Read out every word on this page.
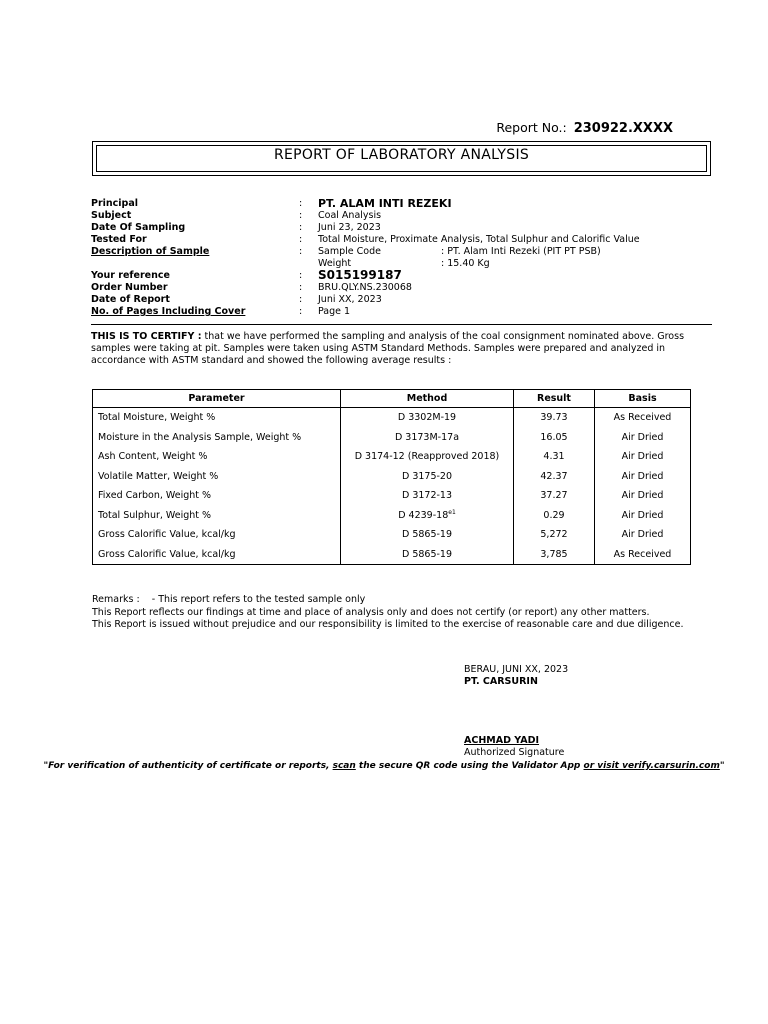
Report No.: 230922.XXXX
REPORT OF LABORATORY ANALYSIS
Principal	: PT. ALAM INTI REZEKI
Subject	: Coal Analysis
Date Of Sampling	: Juni 23, 2023
Tested For	: Total Moisture, Proximate Analysis, Total Sulphur and Calorific Value
Description of Sample	: Sample Code	: PT. Alam Inti Rezeki (PIT PT PSB)
Weight	: 15.40 Kg
Your reference	: S015199187
Order Number	: BRU.QLY.NS.230068
Date of Report	: Juni XX, 2023
No. of Pages Including Cover	: Page 1
THIS IS TO CERTIFY : that we have performed the sampling and analysis of the coal consignment nominated above. Gross samples were taking at pit. Samples were taken using ASTM Standard Methods. Samples were prepared and analyzed in accordance with ASTM standard and showed the following average results :
Parameter	Method	Result	Basis
Total Moisture, Weight %	D 3302M-19	39.73	As Received
Moisture in the Analysis Sample, Weight %	D 3173M-17a	16.05	Air Dried
Ash Content, Weight %	D 3174-12 (Reapproved 2018)	4.31	Air Dried
Volatile Matter, Weight %	D 3175-20	42.37	Air Dried
Fixed Carbon, Weight %	D 3172-13	37.27	Air Dried
Total Sulphur, Weight %	D $4239-18^{e1}$	0.29	Air Dried
Gross Calorific Value, kcal/kg	D 5865-19	5,272	Air Dried
Gross Calorific Value, kcal/kg	D 5865-19	3,785	As Received
Remarks :    - This report refers to the tested sample only
This Report reflects our findings at time and place of analysis only and does not certify (or report) any other matters.
This Report is issued without prejudice and our responsibility is limited to the exercise of reasonable care and due diligence.
BERAU, JUNI XX, 2023
PT. CARSURIN
ACHMAD YADI
Authorized Signature
"For verification of authenticity of certificate or reports, scan the secure QR code using the Validator App or visit verify.carsurin.com"
